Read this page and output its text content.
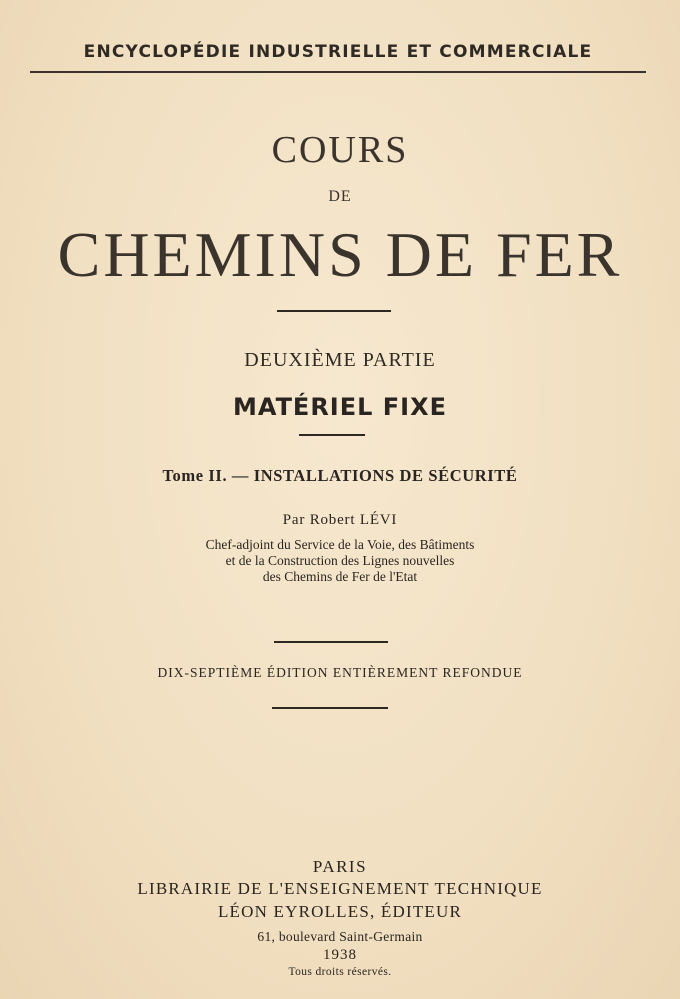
ENCYCLOPÉDIE INDUSTRIELLE ET COMMERCIALE
COURS
DE
CHEMINS DE FER
DEUXIÈME PARTIE
MATÉRIEL FIXE
Tome II. — INSTALLATIONS DE SÉCURITÉ
Par Robert LÉVI
Chef-adjoint du Service de la Voie, des Bâtiments
et de la Construction des Lignes nouvelles
des Chemins de Fer de l'Etat
DIX-SEPTIÈME ÉDITION ENTIÈREMENT REFONDUE
PARIS
LIBRAIRIE DE L'ENSEIGNEMENT TECHNIQUE
LÉON EYROLLES, ÉDITEUR
61, boulevard Saint-Germain
1938
Tous droits réservés.
